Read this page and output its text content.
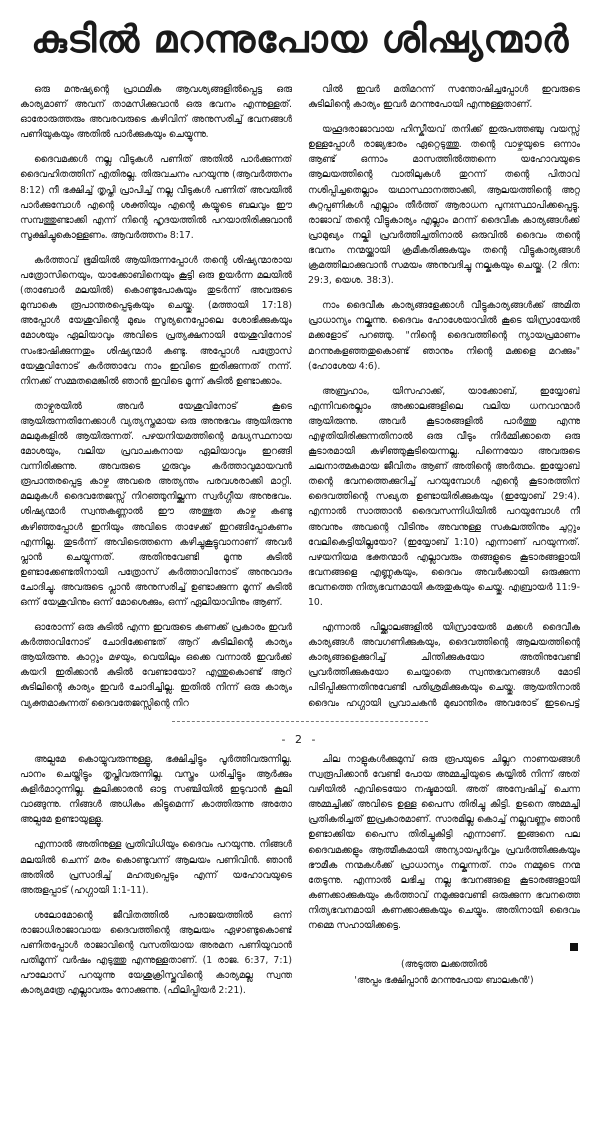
കുടിൽ മറന്നുപോയ ശിഷ്യന്മാർ

ഒരു മനുഷ്യന്റെ പ്രാഥമിക ആവശ്യങ്ങളിൽപ്പെട്ട ഒരു കാര്യമാണ് അവന് താമസിക്കുവാൻ ഒരു ഭവനം എന്നുള്ളത്. ഓരോരുത്തരും അവരവരുടെ കഴിവിന് അനുസരിച്ച് ഭവനങ്ങൾ പണിയുകയും അതിൽ പാർക്കുകയും ചെയ്യുന്നു.

ദൈവമക്കൾ നല്ല വീടുകൾ പണിത് അതിൽ പാർക്കുന്നത് ദൈവഹിതത്തിന് എതിരല്ല. തിരുവചനം പറയുന്നു (ആവർത്തനം 8:12) നീ ഭക്ഷിച്ച് തൃപ്തി പ്രാപിച്ച് നല്ല വീടുകൾ പണിത് അവയിൽ പാർക്കുമ്പോൾ എന്റെ ശക്തിയും എന്റെ കയ്യുടെ ബലവും ഈ സമ്പത്തുണ്ടാക്കി എന്ന് നിന്റെ ഹൃദയത്തിൽ പറയാതിരിക്കുവാൻ സൂക്ഷിച്ചുകൊള്ളണം. ആവർത്തനം 8:17.

കർത്താവ് ഭൂമിയിൽ ആയിരുന്നപ്പോൾ തന്റെ ശിഷ്യന്മാരായ പത്രോസിനെയും, യാക്കോബിനെയും കൂട്ടി ഒരു ഉയർന്ന മലയിൽ (താബോർ മലയിൽ) കൊണ്ടുപോകുയും തുടർന്ന് അവരുടെ മുമ്പാകെ രൂപാന്തരപ്പെടുകയും ചെയ്തു. (മത്തായി 17:18) അപ്പോൾ യേശുവിന്റെ മുഖം സൂര്യനെപ്പോലെ ശോഭിക്കുകയും മോശയും ഏലിയാവും അവിടെ പ്രത്യക്ഷനായി യേശുവിനോട് സംഭാഷിക്കുന്നതും ശിഷ്യന്മാർ കണ്ടു. അപ്പോൾ പത്രോസ് യേശുവിനോട് കർത്താവേ നാം ഇവിടെ ഇരിക്കുന്നത് നന്ന്. നിനക്ക് സമ്മതമെങ്കിൽ ഞാൻ ഇവിടെ മൂന്ന് കുടിൽ ഉണ്ടാക്കാം.

താഴ്വരയിൽ അവർ യേശുവിനോട് കൂടെ ആയിരുന്നതിനേക്കാൾ വ്യത്യസ്തമായ ഒരു അനുഭവം ആയിരുന്നു മലമുകളിൽ ആയിരുന്നത്. പഴയനിയമത്തിന്റെ മദ്ധ്യസ്ഥനായ മോശയും, വലിയ പ്രവാചകനായ ഏലിയാവും ഇറങ്ങി വന്നിരിക്കുന്നു. അവരുടെ ഗുരുവും കർത്താവുമായവൻ രൂപാന്തരപ്പെട്ട കാഴ്ച അവരെ അത്യന്തം പരവശരാക്കി മാറ്റി. മലമുകൾ ദൈവതേജസ്സ് നിറഞ്ഞുനില്ക്കുന്ന സ്വർഗ്ഗീയ അനുഭവം. ശിഷ്യന്മാർ സ്വന്തകണ്ണാൽ ഈ അത്ഭുത കാഴ്ച കണ്ടു കഴിഞ്ഞപ്പോൾ ഇനിയും അവിടെ താഴേക്ക് ഇറങ്ങിപ്പോകണം എന്നില്ല. തുടർന്ന് അവിടെത്തന്നെ കഴിച്ചുകൂട്ടുവാനാണ് അവർ പ്ലാൻ ചെയ്യുന്നത്. അതിനുവേണ്ടി മൂന്നു കുടിൽ ഉണ്ടാക്കേണ്ടതിനായി പത്രോസ് കർത്താവിനോട് അനുവാദം ചോദിച്ചു. അവരുടെ പ്ലാൻ അനുസരിച്ച് ഉണ്ടാക്കുന്ന മൂന്ന് കുടിൽ ഒന്ന് യേശുവിനും ഒന്ന് മോശെക്കും, ഒന്ന് ഏലിയാവിനും ആണ്.

ഓരോന്ന് ഒരു കുടിൽ എന്ന ഇവരുടെ കണക്ക് പ്രകാരം ഇവർ കർത്താവിനോട് ചോദിക്കേണ്ടത് ആറ് കുടിലിന്റെ കാര്യം ആയിരുന്നു. കാറ്റും മഴയും, വെയിലും ഒക്കെ വന്നാൽ ഇവർക്ക് കയറി ഇരിക്കാൻ കുടിൽ വേണ്ടായോ? എന്തുകൊണ്ട് ആറ് കുടിലിന്റെ കാര്യം ഇവർ ചോദിച്ചില്ല. ഇതിൽ നിന്ന് ഒരു കാര്യം വ്യക്തമാകുന്നത് ദൈവതേജസ്സിന്റെ നിറ

വിൽ ഇവർ മതിമറന്ന് സന്തോഷിച്ചപ്പോൾ ഇവരുടെ കുടിലിന്റെ കാര്യം ഇവർ മറന്നുപോയി എന്നുള്ളതാണ്.

യഹൂദരാജാവായ ഹിസ്കീയവ് തനിക്ക് ഇരുപത്തഞ്ചു വയസ്സ് ഉള്ളപ്പോൾ രാജ്യഭാരം ഏറ്റെടുത്തു. തന്റെ വാഴ്ചയുടെ ഒന്നാം ആണ്ട് ഒന്നാം മാസത്തിൽത്തന്നെ യഹോവയുടെ ആലയത്തിന്റെ വാതിലുകൾ തുറന്ന് തന്റെ പിതാവ് നശിപ്പിച്ചതെല്ലാം യഥാസ്ഥാനത്താക്കി, ആലയത്തിന്റെ അറ്റ കുറ്റപ്പണികൾ എല്ലാം തീർത്ത് ആരാധന പുനഃസ്ഥാപിക്കപ്പെട്ടു. രാജാവ് തന്റെ വീട്ടുകാര്യം എല്ലാം മറന്ന് ദൈവീക കാര്യങ്ങൾക്ക് പ്രാമുഖ്യം നല്കി പ്രവർത്തിച്ചതിനാൽ ഒരുവിൽ ദൈവം തന്റെ ഭവനം നന്മയ്ക്കായി ക്രമീകരിക്കുകയും തന്റെ വീട്ടുകാര്യങ്ങൾ ക്രമത്തിലാക്കുവാൻ സമയം അനുവദിച്ചു നല്കുകയും ചെയ്തു. (2 ദിന: 29:3, യെശ. 38:3).

നാം ദൈവീക കാര്യങ്ങളേക്കാൾ വീട്ടുകാര്യങ്ങൾക്ക് അമിത പ്രാധാന്യം നല്കുന്നു. ദൈവം ഹോശേയാവിൽ കൂടെ യിസ്രായേൽ മക്കളോട് പറഞ്ഞു. "നിന്റെ ദൈവത്തിന്റെ ന്യായപ്രമാണം മറന്നുകളഞ്ഞതുകൊണ്ട് ഞാനും നിന്റെ മക്കളെ മറക്കും" (ഹോശേയ 4:6).

അബ്രഹാം, യിസഹാക്ക്, യാക്കോബ്, ഇയ്യോബ് എന്നിവരെല്ലാം അക്കാലങ്ങളിലെ വലിയ ധനവാന്മാർ ആയിരുന്നു. അവർ കൂടാരങ്ങളിൽ പാർത്തു എന്നു എഴുതിയിരിക്കുന്നതിനാൽ ഒരു വീടും നിർമ്മിക്കാതെ ഒരു കൂടാരമായി കഴിഞ്ഞുകൂടിയെന്നല്ല. പിന്നെയോ അവരുടെ ചലനാത്മകമായ ജീവിതം ആണ് അതിന്റെ അർത്ഥം. ഇയ്യോബ് തന്റെ ഭവനത്തെക്കുറിച്ച് പറയുമ്പോൾ എന്റെ കൂടാരത്തിന് ദൈവത്തിന്റെ സഖ്യത ഉണ്ടായിരിക്കുകയും (ഇയ്യോബ് 29:4). എന്നാൽ സാത്താൻ ദൈവസന്നിധിയിൽ പറയുമ്പോൾ നീ അവനും അവന്റെ വീടിനും അവനുള്ള സകലത്തിനും ചുറ്റും വേലികെട്ടിയില്ലയോ? (ഇയ്യോബ് 1:10) എന്നാണ് പറയുന്നത്. പഴയനിയമ ഭക്തന്മാർ എല്ലാവരും തങ്ങളുടെ കൂടാരങ്ങളായി ഭവനങ്ങളെ എണ്ണുകയും, ദൈവം അവർക്കായി ഒരുക്കുന്ന ഭവനത്തെ നിത്യഭവനമായി കരുതുകയും ചെയ്തു. എബ്രായർ 11:9-10.

എന്നാൽ പില്ക്കാലങ്ങളിൽ യിസ്രായേൽ മക്കൾ ദൈവീക കാര്യങ്ങൾ അവഗണിക്കുകയും, ദൈവത്തിന്റെ ആലയത്തിന്റെ കാര്യങ്ങളെക്കുറിച്ച് ചിന്തിക്കുകയോ അതിനുവേണ്ടി പ്രവർത്തിക്കുകയോ ചെയ്യാതെ സ്വന്തഭവനങ്ങൾ മോടി പിടിപ്പിക്കുന്നതിനുവേണ്ടി പരിശ്രമിക്കുകയും ചെയ്തു. ആയതിനാൽ ദൈവം ഹഗ്ഗായി പ്രവാചകൻ മുഖാന്തിരം അവരോട് ഇടപെട്ട്

- 2 -

അല്പമേ കൊയ്യുവരുന്നുള്ളൂ, ഭക്ഷിച്ചിട്ടും പൂർത്തിവരുന്നില്ല. പാനം ചെയ്തിട്ടും തൃപ്തിവരുന്നില്ല. വസ്ത്രം ധരിച്ചിട്ടും ആർക്കും കുളിർമാറുന്നില്ല. കൂലിക്കാരൻ ഓട്ട സഞ്ചിയിൽ ഇടുവാൻ കൂലി വാങ്ങുന്നു. നിങ്ങൾ അധികം കിട്ടുമെന്ന് കാത്തിരുന്നു അതോ അല്പമേ ഉണ്ടായുള്ളൂ.

എന്നാൽ അതിനുള്ള പ്രതിവിധിയും ദൈവം പറയുന്നു. നിങ്ങൾ മലയിൽ ചെന്ന് മരം കൊണ്ടുവന്ന് ആലയം പണിവിൻ. ഞാൻ അതിൽ പ്രസാദിച്ച് മഹത്വപ്പെടും എന്ന് യഹോവയുടെ അരുളപ്പാട് (ഹഗ്ഗായി 1:1-11).

ശലോമോന്റെ ജീവിതത്തിൽ പരാജയത്തിൽ ഒന്ന് രാജാധിരാജാവായ ദൈവത്തിന്റെ ആലയം ഏഴാണ്ടുകൊണ്ട് പണിതപ്പോൾ രാജാവിന്റെ വസതിയായ അരമന പണിയുവാൻ പതിമൂന്ന് വർഷം എടുത്തു എന്നുള്ളതാണ്. (1 രാജ. 6:37, 7:1) പൗലോസ് പറയുന്നു യേശുക്രിസ്തുവിന്റെ കാര്യമല്ല സ്വന്ത കാര്യമത്രേ എല്ലാവരും നോക്കുന്നു. (ഫിലിപ്പിയർ 2:21).

ചില നാളുകൾക്കുമുമ്പ് ഒരു രൂപയുടെ ചില്ലറ നാണയങ്ങൾ സ്വരൂപിക്കാൻ വേണ്ടി പോയ അമ്മച്ചിയുടെ കയ്യിൽ നിന്ന് അത് വഴിയിൽ എവിടെയോ നഷ്ടമായി. അത് അന്വേഷിച്ച് ചെന്ന അമ്മച്ചിക്ക് അവിടെ ഉള്ള പൈസ തിരിച്ചു കിട്ടി. ഉടനെ അമ്മച്ചി പ്രതികരിച്ചത് ഇപ്രകാരമാണ്. സാരമില്ല കൊച്ച് നല്ലവണ്ണം ഞാൻ ഉണ്ടാക്കിയ പൈസ തിരിച്ചുകിട്ടി എന്നാണ്. ഇങ്ങനെ പല ദൈവമക്കളും ആത്മീകമായി അന്യായപൂർവ്വം പ്രവർത്തിക്കുകയും ഭൗമീക നന്മകൾക്ക് പ്രാധാന്യം നല്കുന്നത്. നാം നമ്മുടെ നന്മ തേടുന്നു. എന്നാൽ ലഭിച്ച നല്ല ഭവനങ്ങളെ കൂടാരങ്ങളായി കണക്കാക്കുകയും കർത്താവ് നമുക്കുവേണ്ടി ഒരുക്കുന്ന ഭവനത്തെ നിത്യഭവനമായി കണക്കാക്കുകയും ചെയ്യും. അതിനായി ദൈവം നമ്മെ സഹായിക്കട്ടെ.

(അടുത്ത ലക്കത്തിൽ
'അപ്പം ഭക്ഷിപ്പാൻ മറന്നുപോയ ബാലകൻ')
